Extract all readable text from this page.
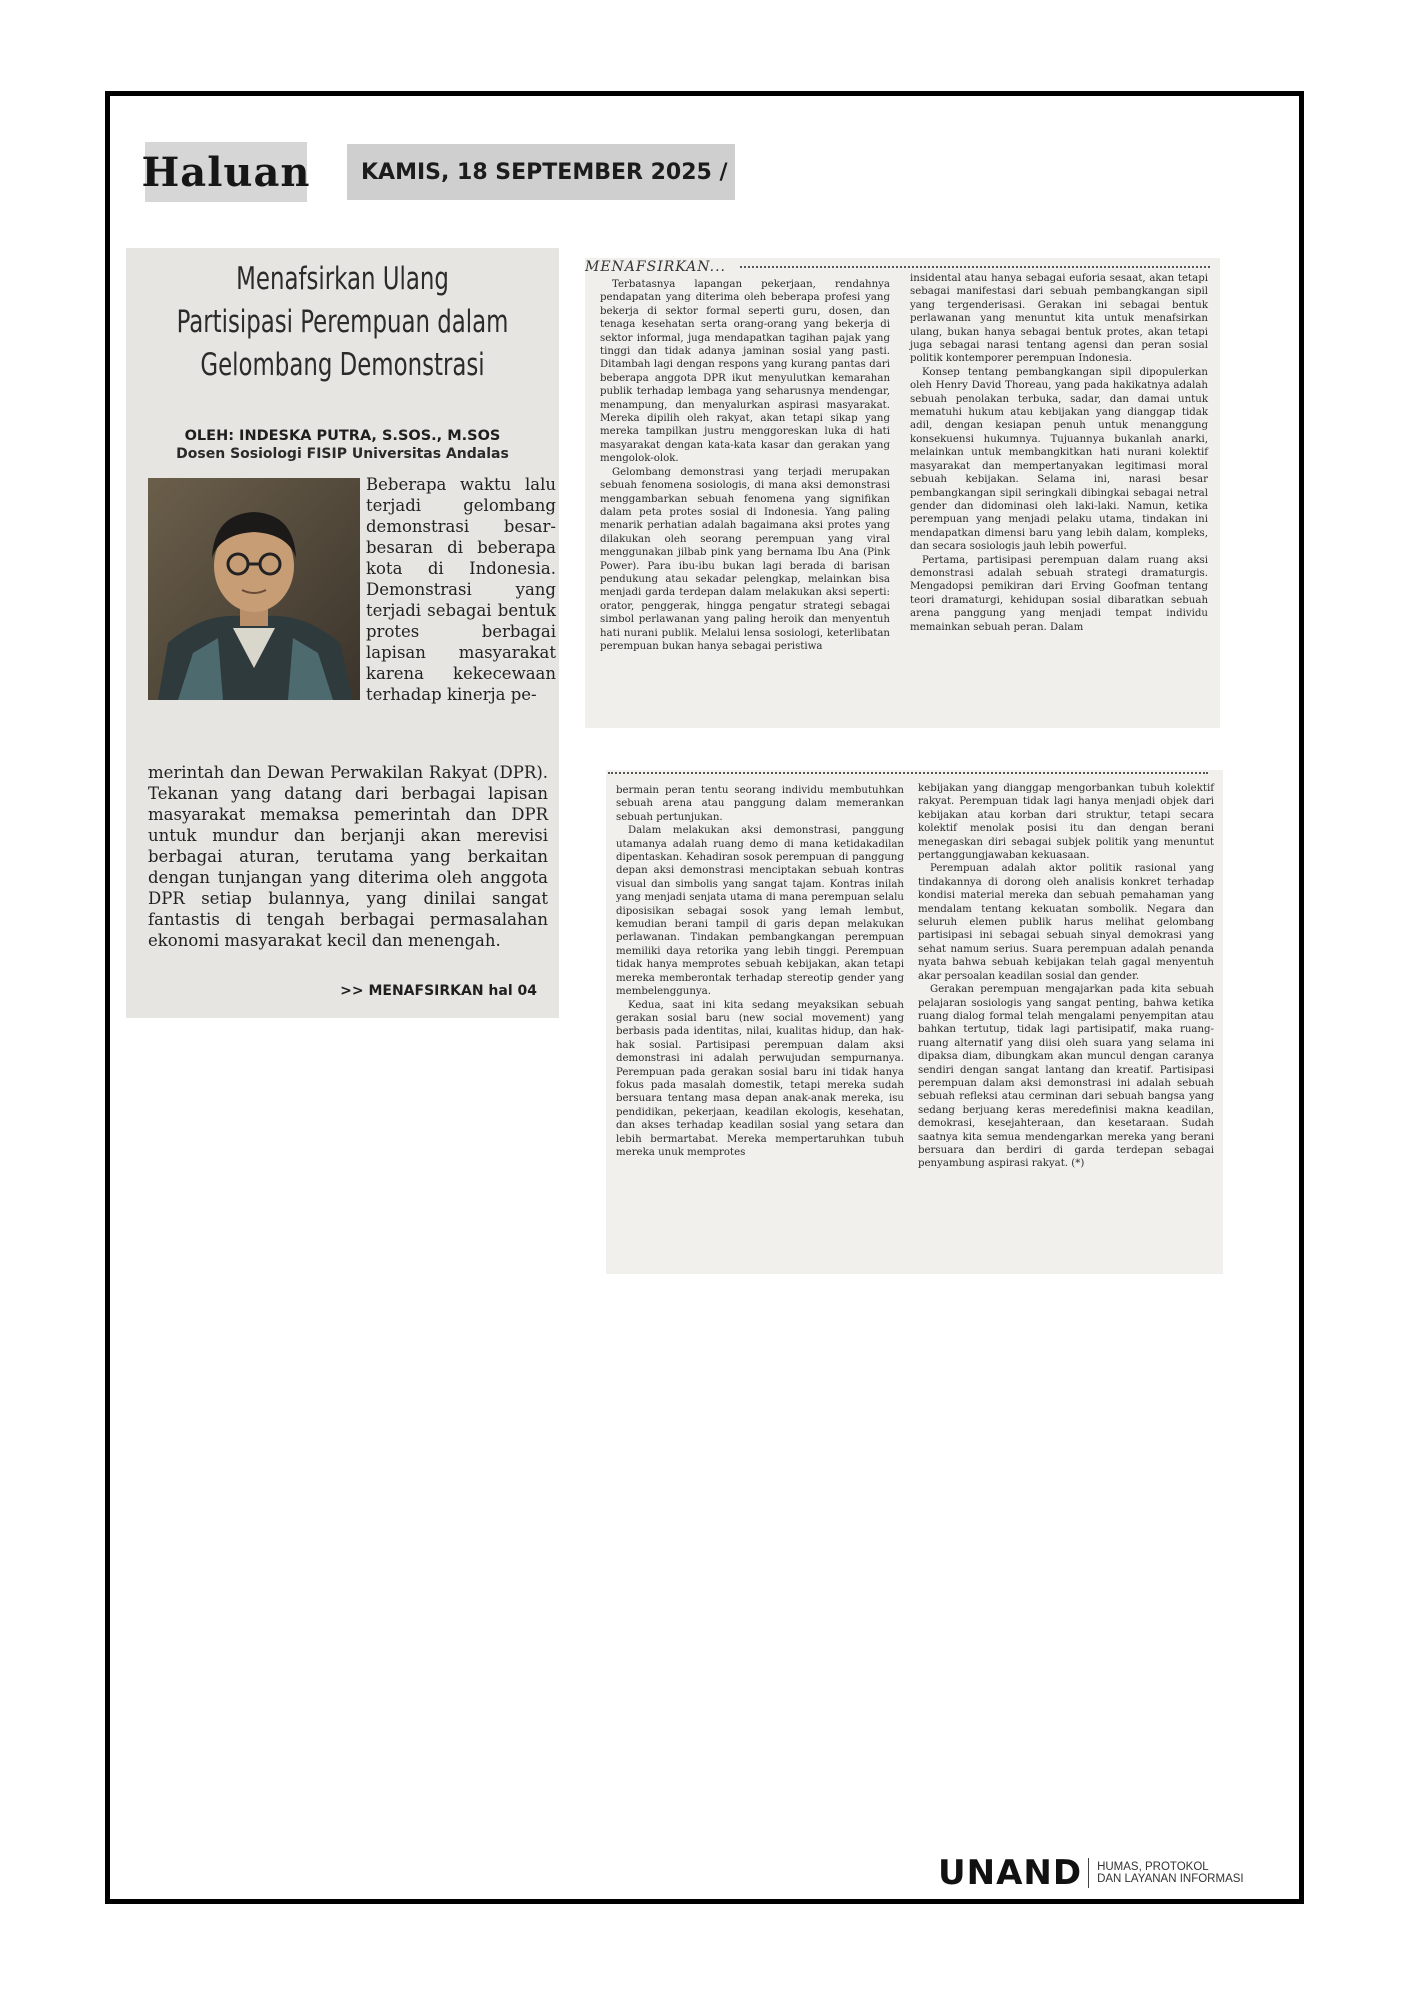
Haluan KAMIS, 18 SEPTEMBER 2025 /
Menafsirkan Ulang
Partisipasi Perempuan dalam
Gelombang Demonstrasi
OLEH: INDESKA PUTRA, S.SOS., M.SOS
Dosen Sosiologi FISIP Universitas Andalas
Beberapa waktu lalu terjadi gelombang demonstrasi besar-besaran di beberapa kota di Indonesia. Demonstrasi yang terjadi sebagai bentuk protes berbagai lapisan masyarakat karena kekecewaan terhadap kinerja pe-
merintah dan Dewan Perwakilan Rakyat (DPR). Tekanan yang datang dari berbagai lapisan masyarakat memaksa pemerintah dan DPR untuk mundur dan berjanji akan merevisi berbagai aturan, terutama yang berkaitan dengan tunjangan yang diterima oleh anggota DPR setiap bulannya, yang dinilai sangat fantastis di tengah berbagai permasalahan ekonomi masyarakat kecil dan menengah.
>> MENAFSIRKAN hal 04
MENAFSIRKAN...

Terbatasnya lapangan pekerjaan, rendahnya pendapatan yang diterima oleh beberapa profesi yang bekerja di sektor formal seperti guru, dosen, dan tenaga kesehatan serta orang-orang yang bekerja di sektor informal, juga mendapatkan tagihan pajak yang tinggi dan tidak adanya jaminan sosial yang pasti. Ditambah lagi dengan respons yang kurang pantas dari beberapa anggota DPR ikut menyulutkan kemarahan publik terhadap lembaga yang seharusnya mendengar, menampung, dan menyalurkan aspirasi masyarakat. Mereka dipilih oleh rakyat, akan tetapi sikap yang mereka tampilkan justru menggoreskan luka di hati masyarakat dengan kata-kata kasar dan gerakan yang mengolok-olok.

Gelombang demonstrasi yang terjadi merupakan sebuah fenomena sosiologis, di mana aksi demonstrasi menggambarkan sebuah fenomena yang signifikan dalam peta protes sosial di Indonesia. Yang paling menarik perhatian adalah bagaimana aksi protes yang dilakukan oleh seorang perempuan yang viral menggunakan jilbab pink yang bernama Ibu Ana (Pink Power). Para ibu-ibu bukan lagi berada di barisan pendukung atau sekadar pelengkap, melainkan bisa menjadi garda terdepan dalam melakukan aksi seperti: orator, penggerak, hingga pengatur strategi sebagai simbol perlawanan yang paling heroik dan menyentuh hati nurani publik. Melalui lensa sosiologi, keterlibatan perempuan bukan hanya sebagai peristiwa

insidental atau hanya sebagai euforia sesaat, akan tetapi sebagai manifestasi dari sebuah pembangkangan sipil yang tergenderisasi. Gerakan ini sebagai bentuk perlawanan yang menuntut kita untuk menafsirkan ulang, bukan hanya sebagai bentuk protes, akan tetapi juga sebagai narasi tentang agensi dan peran sosial politik kontemporer perempuan Indonesia.

Konsep tentang pembangkangan sipil dipopulerkan oleh Henry David Thoreau, yang pada hakikatnya adalah sebuah penolakan terbuka, sadar, dan damai untuk mematuhi hukum atau kebijakan yang dianggap tidak adil, dengan kesiapan penuh untuk menanggung konsekuensi hukumnya. Tujuannya bukanlah anarki, melainkan untuk membangkitkan hati nurani kolektif masyarakat dan mempertanyakan legitimasi moral sebuah kebijakan. Selama ini, narasi besar pembangkangan sipil seringkali dibingkai sebagai netral gender dan didominasi oleh laki-laki. Namun, ketika perempuan yang menjadi pelaku utama, tindakan ini mendapatkan dimensi baru yang lebih dalam, kompleks, dan secara sosiologis jauh lebih powerful.

Pertama, partisipasi perempuan dalam ruang aksi demonstrasi adalah sebuah strategi dramaturgis. Mengadopsi pemikiran dari Erving Goofman tentang teori dramaturgi, kehidupan sosial dibaratkan sebuah arena panggung yang menjadi tempat individu memainkan sebuah peran. Dalam

bermain peran tentu seorang individu membutuhkan sebuah arena atau panggung dalam memerankan sebuah pertunjukan.

Dalam melakukan aksi demonstrasi, panggung utamanya adalah ruang demo di mana ketidakadilan dipentaskan. Kehadiran sosok perempuan di panggung depan aksi demonstrasi menciptakan sebuah kontras visual dan simbolis yang sangat tajam. Kontras inilah yang menjadi senjata utama di mana perempuan selalu diposisikan sebagai sosok yang lemah lembut, kemudian berani tampil di garis depan melakukan perlawanan. Tindakan pembangkangan perempuan memiliki daya retorika yang lebih tinggi. Perempuan tidak hanya memprotes sebuah kebijakan, akan tetapi mereka memberontak terhadap stereotip gender yang membelenggunya.

Kedua, saat ini kita sedang meyaksikan sebuah gerakan sosial baru (new social movement) yang berbasis pada identitas, nilai, kualitas hidup, dan hak-hak sosial. Partisipasi perempuan dalam aksi demonstrasi ini adalah perwujudan sempurnanya. Perempuan pada gerakan sosial baru ini tidak hanya fokus pada masalah domestik, tetapi mereka sudah bersuara tentang masa depan anak-anak mereka, isu pendidikan, pekerjaan, keadilan ekologis, kesehatan, dan akses terhadap keadilan sosial yang setara dan lebih bermartabat. Mereka mempertaruhkan tubuh mereka unuk memprotes

kebijakan yang dianggap mengorbankan tubuh kolektif rakyat. Perempuan tidak lagi hanya menjadi objek dari kebijakan atau korban dari struktur, tetapi secara kolektif menolak posisi itu dan dengan berani menegaskan diri sebagai subjek politik yang menuntut pertanggungjawaban kekuasaan.

Perempuan adalah aktor politik rasional yang tindakannya di dorong oleh analisis konkret terhadap kondisi material mereka dan sebuah pemahaman yang mendalam tentang kekuatan sombolik. Negara dan seluruh elemen publik harus melihat gelombang partisipasi ini sebagai sebuah sinyal demokrasi yang sehat namum serius. Suara perempuan adalah penanda nyata bahwa sebuah kebijakan telah gagal menyentuh akar persoalan keadilan sosial dan gender.

Gerakan perempuan mengajarkan pada kita sebuah pelajaran sosiologis yang sangat penting, bahwa ketika ruang dialog formal telah mengalami penyempitan atau bahkan tertutup, tidak lagi partisipatif, maka ruang-ruang alternatif yang diisi oleh suara yang selama ini dipaksa diam, dibungkam akan muncul dengan caranya sendiri dengan sangat lantang dan kreatif. Partisipasi perempuan dalam aksi demonstrasi ini adalah sebuah sebuah refleksi atau cerminan dari sebuah bangsa yang sedang berjuang keras meredefinisi makna keadilan, demokrasi, kesejahteraan, dan kesetaraan. Sudah saatnya kita semua mendengarkan mereka yang berani bersuara dan berdiri di garda terdepan sebagai penyambung aspirasi rakyat. (*)

UNAND HUMAS, PROTOKOL
DAN LAYANAN INFORMASI
